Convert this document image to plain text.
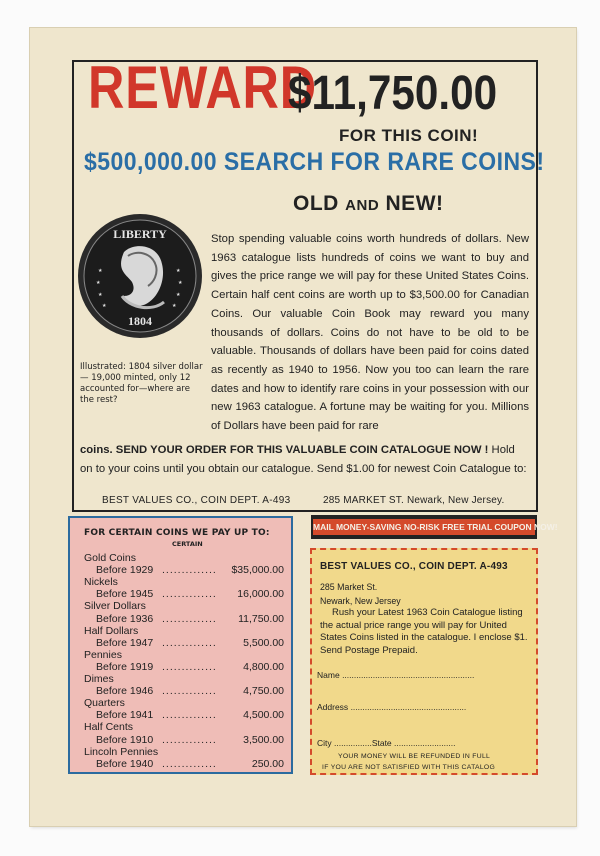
REWARD
$11,750.00
FOR THIS COIN!
$500,000.00 SEARCH FOR RARE COINS!
OLD AND NEW!
★
★
★
★
★
★
★
★
LIBERTY
1804
Illustrated: 1804 silver dollar — 19,000 minted, only 12 accounted for—where are the rest?
Stop spending valuable coins worth hundreds of dollars. New 1963 catalogue lists hundreds of coins we want to buy and gives the price range we will pay for these United States Coins. Certain half cent coins are worth up to $3,500.00 for Canadian Coins. Our valuable Coin Book may reward you many thousands of dollars. Coins do not have to be old to be valuable. Thousands of dollars have been paid for coins dated as recently as 1940 to 1956. Now you too can learn the rare dates and how to identify rare coins in your possession with our new 1963 catalogue. A fortune may be waiting for you. Millions of Dollars have been paid for rare
coins. SEND YOUR ORDER FOR THIS VALUABLE COIN CATALOGUE NOW ! Hold on to your coins until you obtain our catalogue. Send $1.00 for newest Coin Catalogue to:
BEST VALUES CO., COIN DEPT. A-493	285 MARKET ST. Newark, New Jersey.
FOR CERTAIN COINS WE PAY UP TO:
CERTAIN
Gold Coins
Before 1929 .............. $35,000.00
Nickels
Before 1945 .............. 16,000.00
Silver Dollars
Before 1936 .............. 11,750.00
Half Dollars
Before 1947 ..............	5,500.00
Pennies
Before 1919 ..............	4,800.00
Dimes
Before 1946 ..............	4,750.00
Quarters
Before 1941 ..............	4,500.00
Half Cents
Before 1910 ..............	3,500.00
Lincoln Pennies
Before 1940 ..............	250.00
MAIL MONEY-SAVING NO-RISK FREE TRIAL COUPON NOW!
BEST VALUES CO., COIN DEPT. A-493
285 Market St.
Newark, New Jersey
Rush your Latest 1963 Coin Catalogue listing the actual price range you will pay for United States Coins listed in the catalogue. I enclose $1. Send Postage Prepaid.
Name ........................................................
Address .................................................
City ................State ..........................
YOUR MONEY WILL BE REFUNDED IN FULL
IF YOU ARE NOT SATISFIED WITH THIS CATALOG
